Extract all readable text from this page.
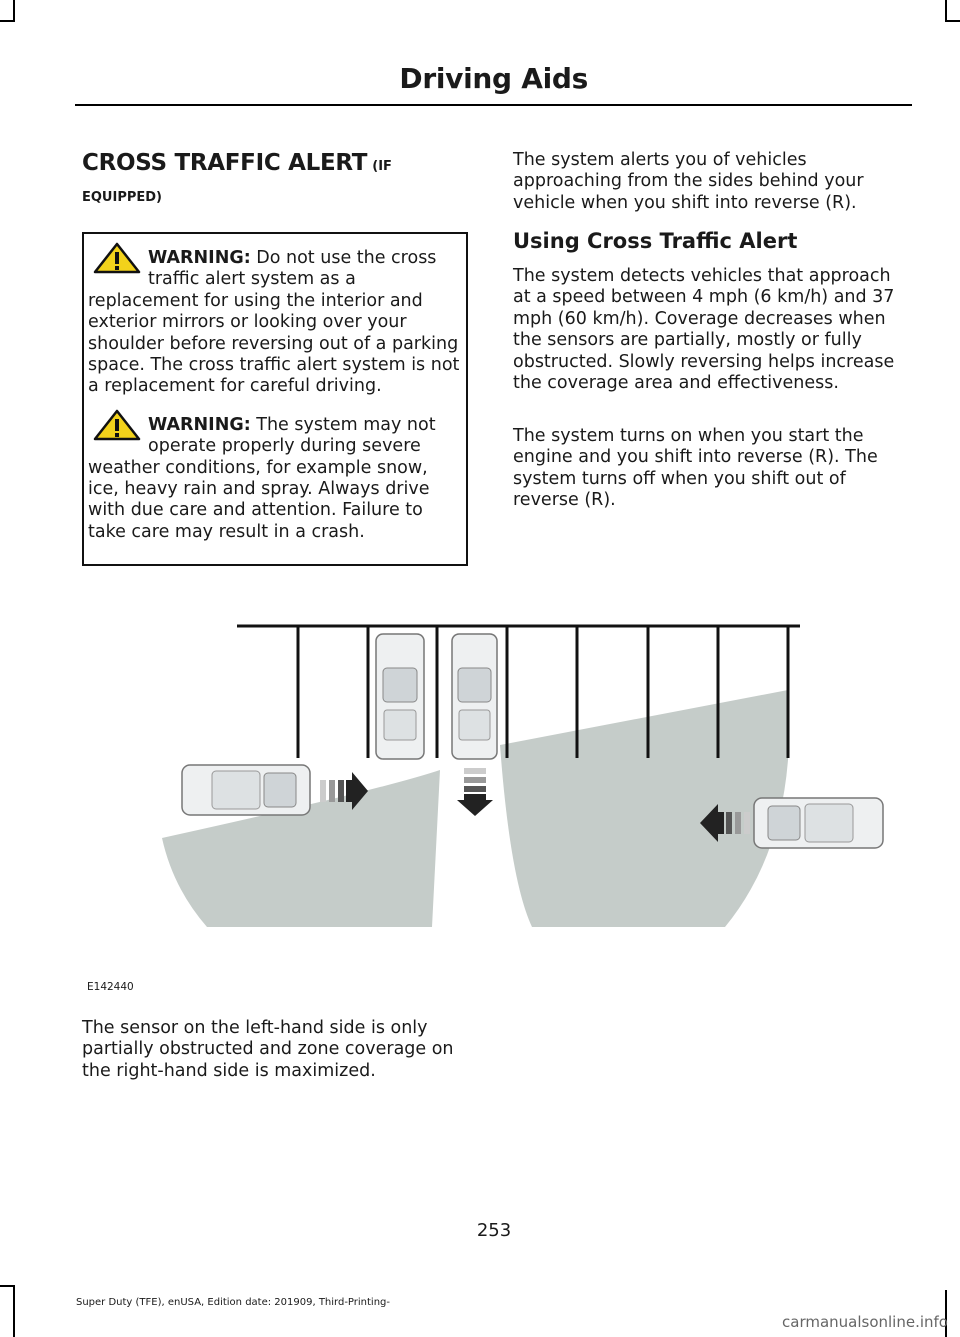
Driving Aids
CROSS TRAFFIC ALERT (IF
EQUIPPED)

WARNING: Do not use the cross traffic alert system as a replacement for using the interior and exterior mirrors or looking over your shoulder before reversing out of a parking space. The cross traffic alert system is not a replacement for careful driving.

WARNING: The system may not operate properly during severe weather conditions, for example snow, ice, heavy rain and spray. Always drive with due care and attention. Failure to take care may result in a crash.

The system alerts you of vehicles approaching from the sides behind your vehicle when you shift into reverse (R).

Using Cross Traffic Alert

The system detects vehicles that approach at a speed between 4 mph (6 km/h) and 37 mph (60 km/h). Coverage decreases when the sensors are partially, mostly or fully obstructed. Slowly reversing helps increase the coverage area and effectiveness.

The system turns on when you start the engine and you shift into reverse (R). The system turns off when you shift out of reverse (R).

E142440

The sensor on the left-hand side is only partially obstructed and zone coverage on the right-hand side is maximized.

253
Super Duty (TFE), enUSA, Edition date: 201909, Third-Printing-
carmanualsonline.info
